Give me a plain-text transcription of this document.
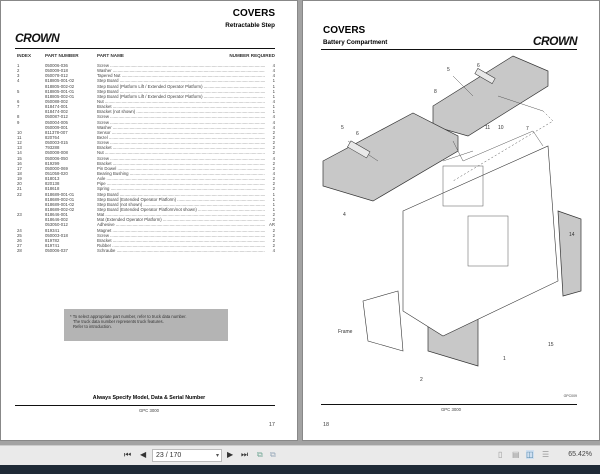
CROWN
COVERS
Retractable Step
INDEX	PART NUMBER	PART NAME	NUMBER REQUIRED
1	050006-036	Screw .....	4
2	050009-018	Washer .....	4
3	050078-012	Tapered Nut .....	4
4	818805-001-02	Step Board .....	1
818805-002-02	Step Board (Platform Lift / Extended Operator Platform) .....	1
5	818805-001-01	Step Board .....	1
818805-002-01	Step Board (Platform Lift / Extended Operator Platform) .....	1
6	050088-002	Nut .....	4
7	818474-001	Bracket .....	1
818474-002	Bracket (not shown) .....	1
8	050087-012	Screw .....	4
9	050004-005	Screw .....	4
050009-001	Washer .....	4
10	811378-007	Sensor .....	2
11	820764	Bezel .....	2
12	050003-015	Screw .....	2
13	793288	Bracket .....	2
14	050008-008	Nut .....	2
15	050006-050	Screw .....	4
16	819299	Bracket .....	2
17	050000-069	Pin Dowel .....	2
18	051058-020	Bearing Bushing .....	4
19	818013	Axle .....	2
20	820138	Pipe .....	2
21	818618	Spring .....	2
22	818689-001-01	Step Board .....	1
818689-002-01	Step Board (Extended Operator Platform) .....	1
818689-001-02	Step Board (not shown) .....	1
818689-002-02	Step Board (Extended Operator Platform/not shown) .....	1
23	818646-001	Mat .....	2
818646-002	Mat (Extended Operator Platform) .....	2
053050-012	Adhesive .....	AR
24	819341	Magnet .....	2
25	050003-018	Screw .....	2
26	819782	Bracket .....	2
27	819741	Rubber .....	2
28	050006-037	Schraube .....	4
* To select appropriate part number, refer to truck data number.
The truck data number represents truck features.
Refer to introduction.
Always Specify Model, Data & Serial Number
GPC 3000
17
COVERS
Battery Compartment	CROWN
5
6
8
7
5
6
11 10
4
14
15
1
2
Frame
GPC009
GPC 3000
18
⏮ ◀	23 / 170	▾ ▶ ⏭ ⧉ ⧉	▯ ▤ ◫ ☰	65.42%
